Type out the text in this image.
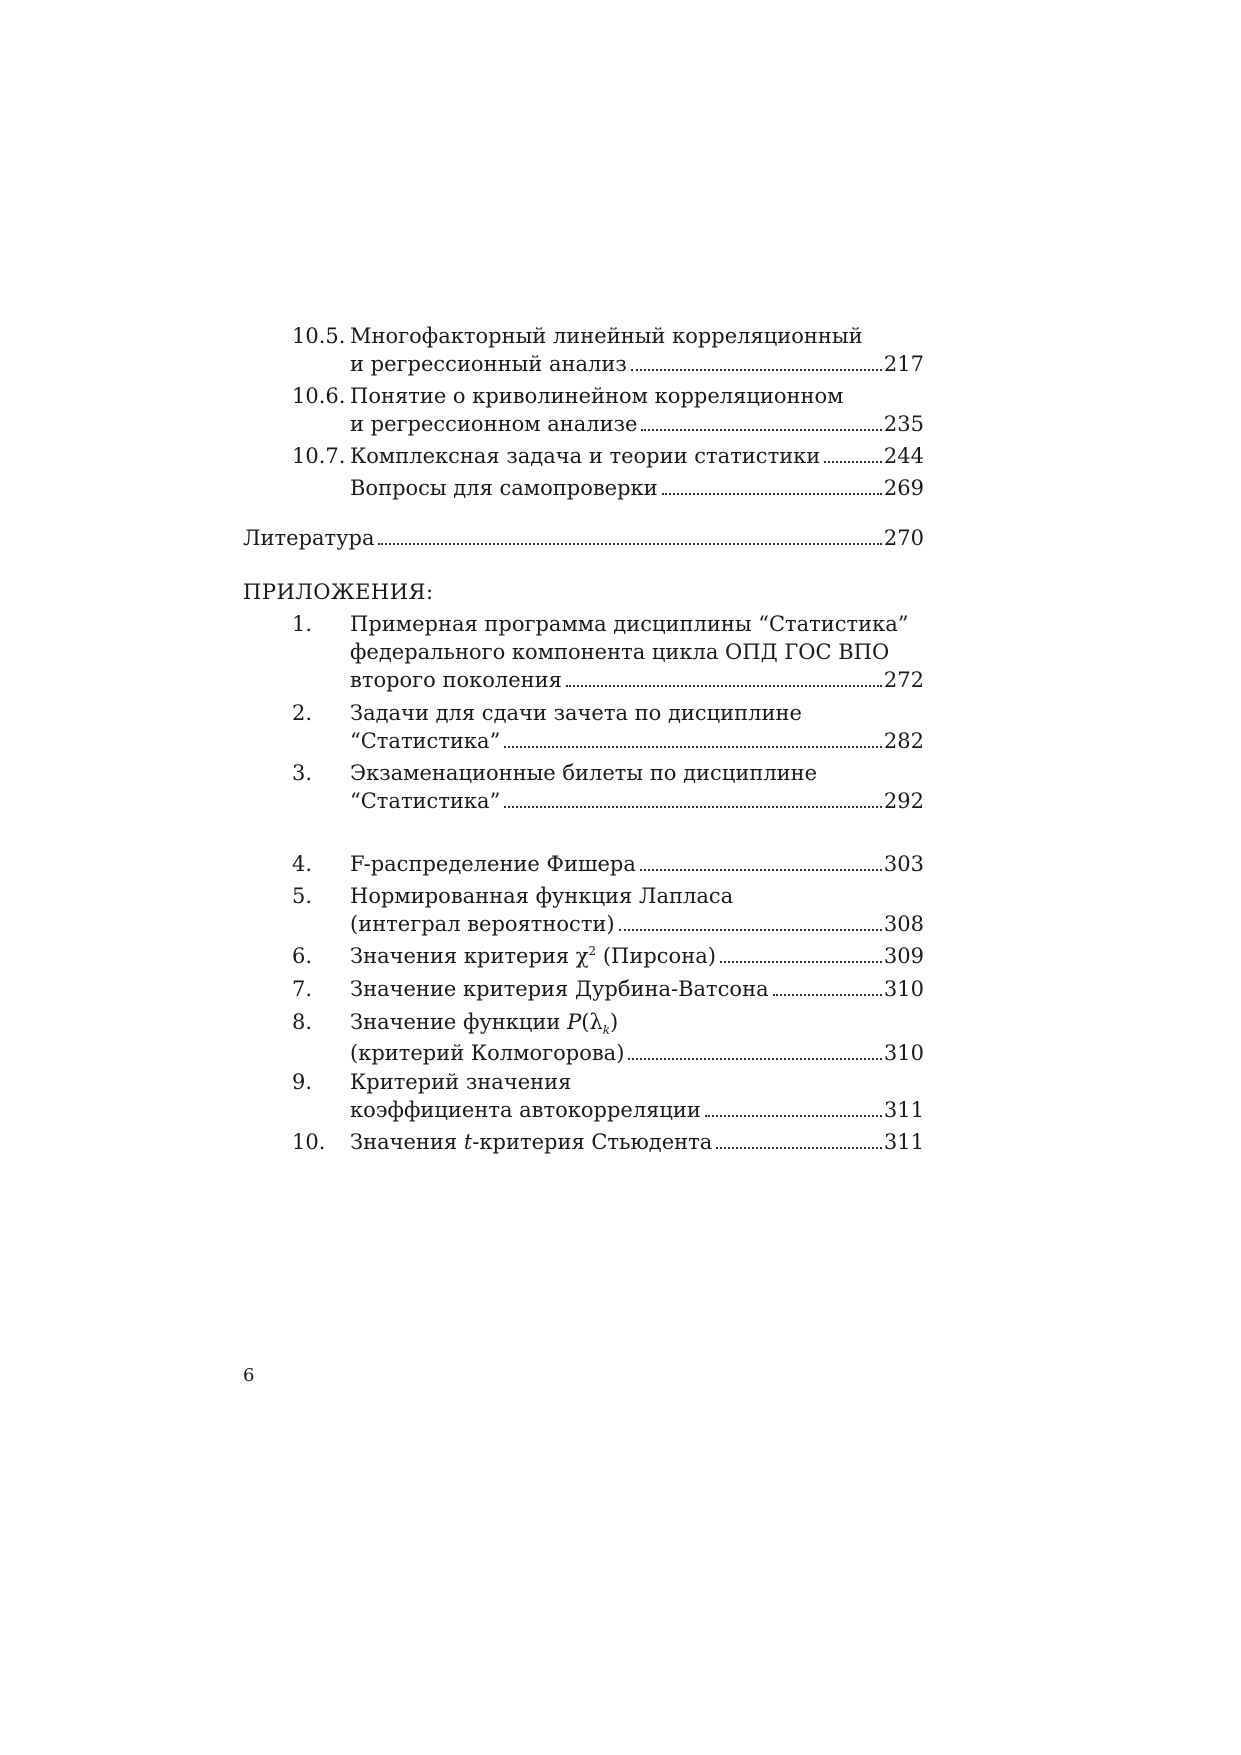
10.5. Многофакторный линейный корреляционный
и регрессионный анализ	217
10.6. Понятие о криволинейном корреляционном
и регрессионном анализе	235
10.7. Комплексная задача и теории статистики	244
Вопросы для самопроверки	269
Литература	270
ПРИЛОЖЕНИЯ:
1. Примерная программа дисциплины “Статистика”
федерального компонента цикла ОПД ГОС ВПО
второго поколения	272
2. Задачи для сдачи зачета по дисциплине
“Статистика”	282
3. Экзаменационные билеты по дисциплине
“Статистика”	292
4. F-распределение Фишера	303
5. Нормированная функция Лапласа
(интеграл вероятности)	308
6. Значения критерия $\chi^2$ (Пирсона)	309
7. Значение критерия Дурбина-Ватсона	310
8. Значение функции $P(\lambda_k)$
(критерий Колмогорова)	310
9. Критерий значения
коэффициента автокорреляции	311
10. Значения t-критерия Стьюдента	311
6
